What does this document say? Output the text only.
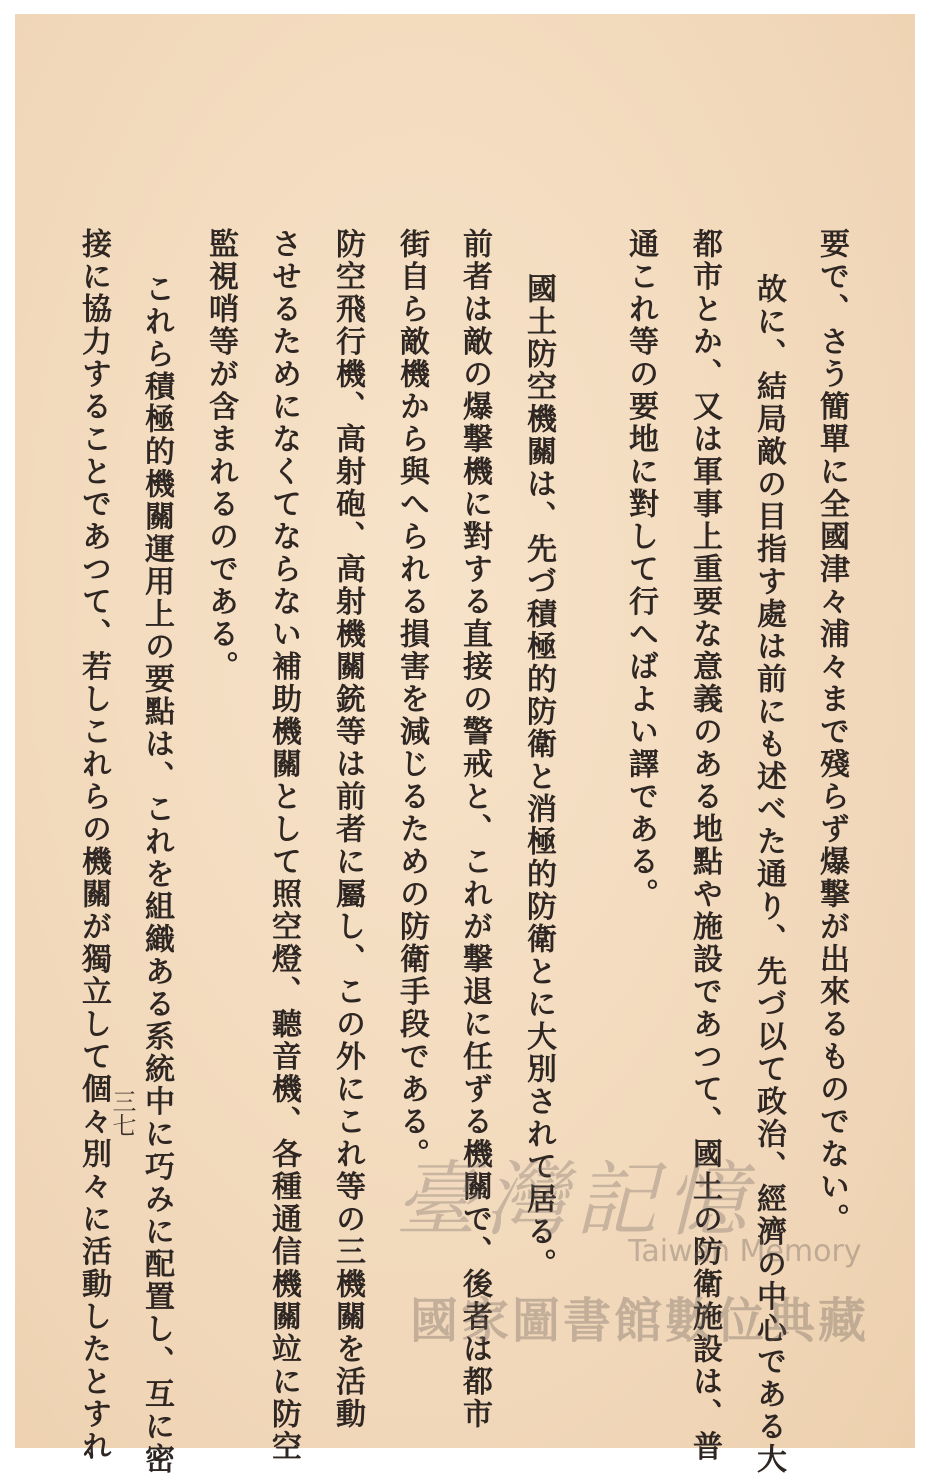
要で、さう簡單に全國津々浦々まで殘らず爆撃が出來るものでない。
故に、結局敵の目指す處は前にも述べた通り、先づ以て政治、經濟の中心である大
都市とか、又は軍事上重要な意義のある地點や施設であつて、國土の防衛施設は、普
通これ等の要地に對して行へばよい譯である。
國土防空機關は、先づ積極的防衛と消極的防衛とに大別されて居る。
前者は敵の爆撃機に對する直接の警戒と、これが撃退に任ずる機關で、後者は都市
街自ら敵機から與へられる損害を減じるための防衛手段である。
防空飛行機、高射砲、高射機關銃等は前者に屬し、この外にこれ等の三機關を活動
させるためになくてならない補助機關として照空燈、聽音機、各種通信機關竝に防空
監視哨等が含まれるのである。
これら積極的機關運用上の要點は、これを組織ある系統中に巧みに配置し、互に密
接に協力することであつて、若しこれらの機關が獨立して個々別々に活動したとすれ
三七
臺灣記憶
Taiwan Memory
國家圖書館數位典藏
